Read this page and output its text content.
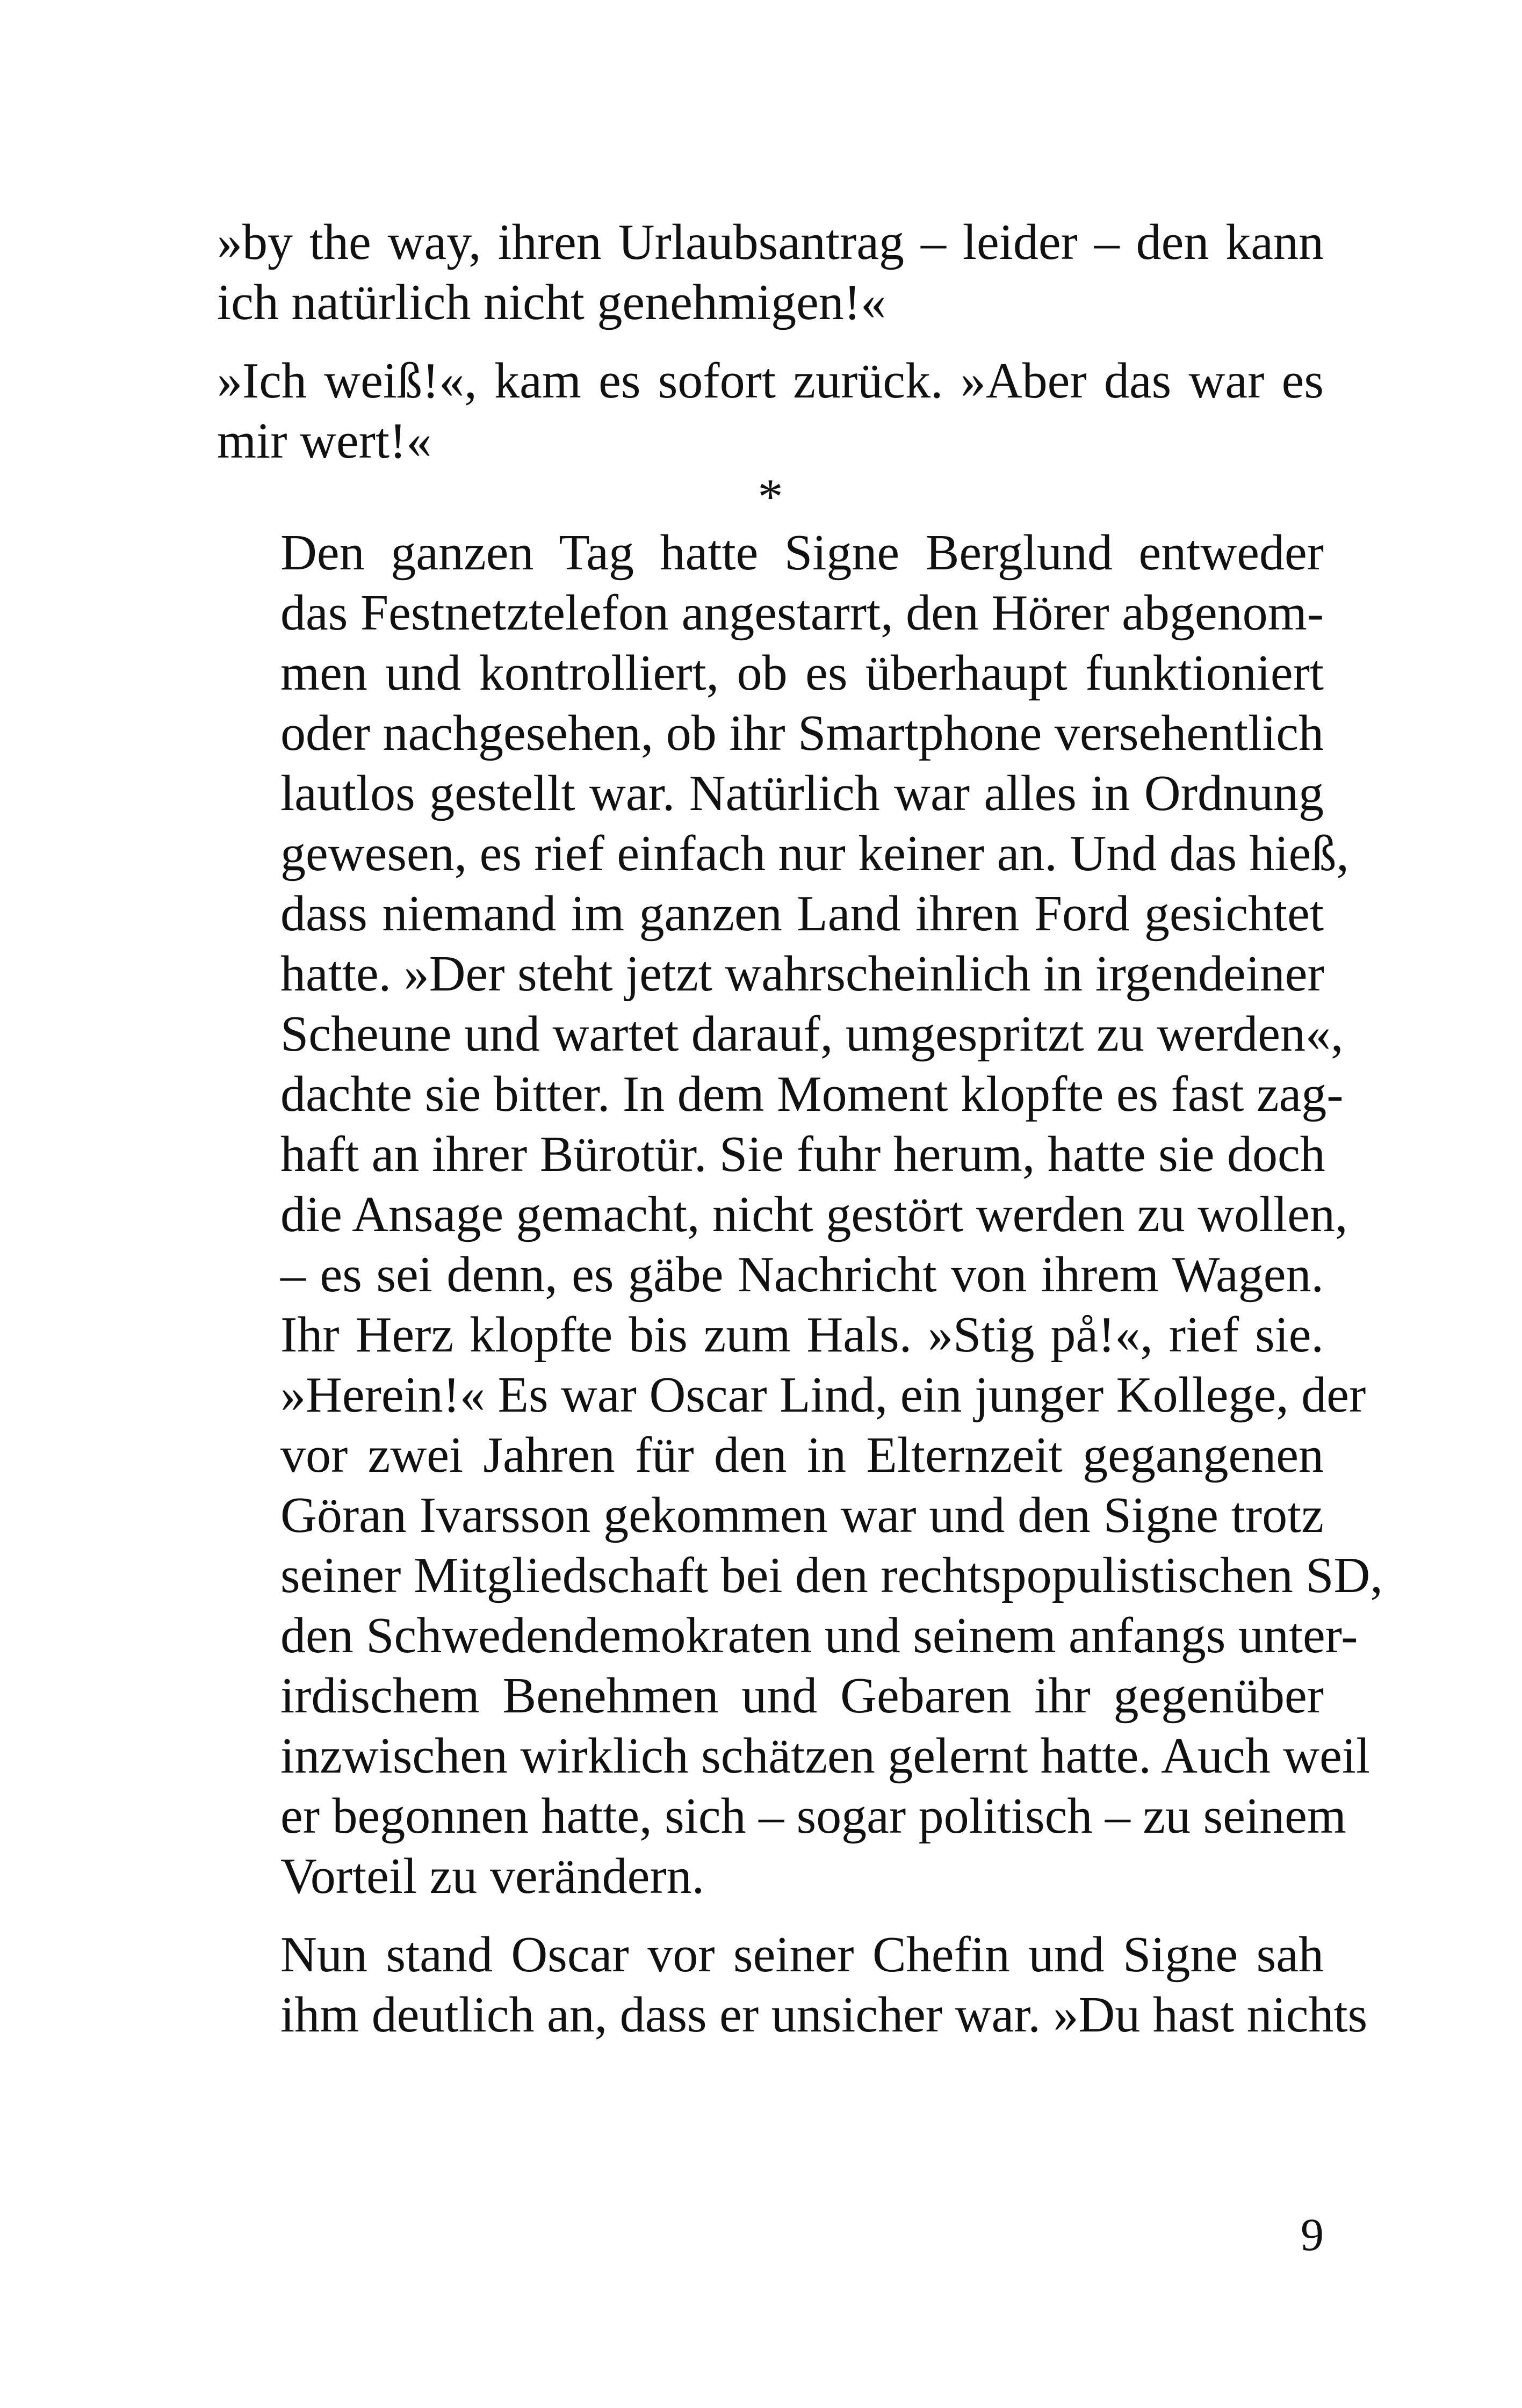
»by the way, ihren Urlaubsantrag – leider – den kann
ich natürlich nicht genehmigen!«

»Ich weiß!«, kam es sofort zurück. »Aber das war es
mir wert!«

*

Den ganzen Tag hatte Signe Berglund entweder
das Festnetztelefon angestarrt, den Hörer abgenom-
men und kontrolliert, ob es überhaupt funktioniert
oder nachgesehen, ob ihr Smartphone versehentlich
lautlos gestellt war. Natürlich war alles in Ordnung
gewesen, es rief einfach nur keiner an. Und das hieß,
dass niemand im ganzen Land ihren Ford gesichtet
hatte. »Der steht jetzt wahrscheinlich in irgendeiner
Scheune und wartet darauf, umgespritzt zu werden«,
dachte sie bitter. In dem Moment klopfte es fast zag-
haft an ihrer Bürotür. Sie fuhr herum, hatte sie doch
die Ansage gemacht, nicht gestört werden zu wollen,
– es sei denn, es gäbe Nachricht von ihrem Wagen.
Ihr Herz klopfte bis zum Hals. »Stig på!«, rief sie.
»Herein!« Es war Oscar Lind, ein junger Kollege, der
vor zwei Jahren für den in Elternzeit gegangenen
Göran Ivarsson gekommen war und den Signe trotz
seiner Mitgliedschaft bei den rechtspopulistischen SD,
den Schwedendemokraten und seinem anfangs unter-
irdischem Benehmen und Gebaren ihr gegenüber
inzwischen wirklich schätzen gelernt hatte. Auch weil
er begonnen hatte, sich – sogar politisch – zu seinem
Vorteil zu verändern.

Nun stand Oscar vor seiner Chefin und Signe sah
ihm deutlich an, dass er unsicher war. »Du hast nichts

9
